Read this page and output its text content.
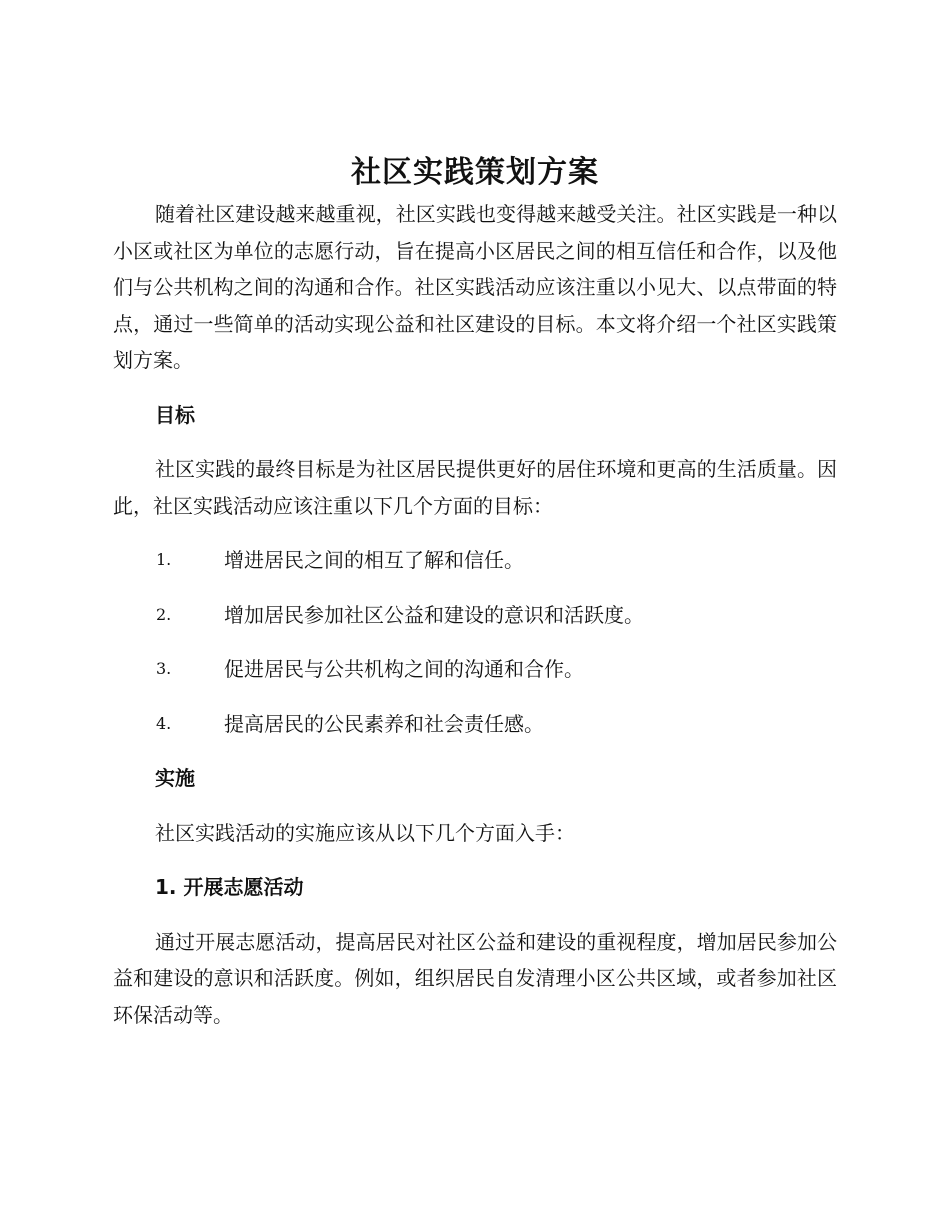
社区实践策划方案

随着社区建设越来越重视，社区实践也变得越来越受关注。社区实践是一种以小区或社区为单位的志愿行动，旨在提高小区居民之间的相互信任和合作，以及他们与公共机构之间的沟通和合作。社区实践活动应该注重以小见大、以点带面的特点，通过一些简单的活动实现公益和社区建设的目标。本文将介绍一个社区实践策划方案。

目标

社区实践的最终目标是为社区居民提供更好的居住环境和更高的生活质量。因此，社区实践活动应该注重以下几个方面的目标：

1.	增进居民之间的相互了解和信任。
2.	增加居民参加社区公益和建设的意识和活跃度。
3.	促进居民与公共机构之间的沟通和合作。
4.	提高居民的公民素养和社会责任感。
实施

社区实践活动的实施应该从以下几个方面入手：

1. 开展志愿活动

通过开展志愿活动，提高居民对社区公益和建设的重视程度，增加居民参加公益和建设的意识和活跃度。例如，组织居民自发清理小区公共区域，或者参加社区环保活动等。
